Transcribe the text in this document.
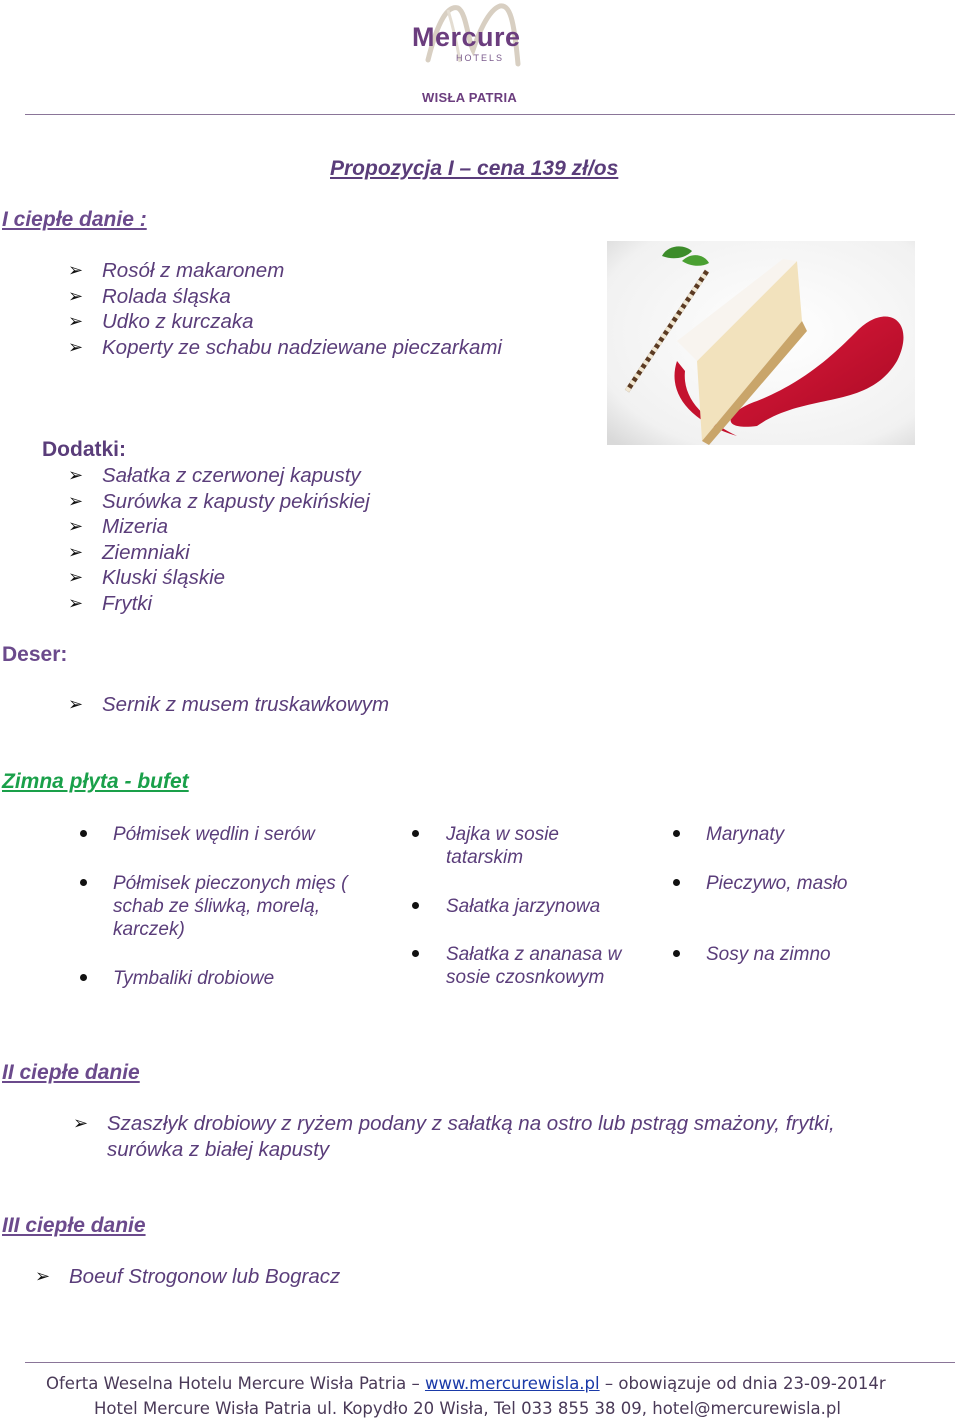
Mercure
HOTELS
WISŁA PATRIA
Propozycja I – cena 139 zł/os
I ciepłe danie :
➢ Rosół z makaronem
➢ Rolada śląska
➢ Udko z kurczaka
➢ Koperty ze schabu nadziewane pieczarkami
Dodatki:
➢ Sałatka z czerwonej kapusty
➢ Surówka z kapusty pekińskiej
➢ Mizeria
➢ Ziemniaki
➢ Kluski śląskie
➢ Frytki
Deser:
➢ Sernik z musem truskawkowym
Zimna płyta - bufet
Półmisek wędlin i serów
Półmisek pieczonych mięs ( schab ze śliwką, morelą, karczek)
Tymbaliki drobiowe
Jajka w sosie tatarskim
Sałatka jarzynowa
Sałatka z ananasa w sosie czosnkowym
Marynaty
Pieczywo, masło
Sosy na zimno
II ciepłe danie
➢ Szaszłyk drobiowy z ryżem podany z sałatką na ostro lub pstrąg smażony, frytki, surówka z białej kapusty
III ciepłe danie
➢ Boeuf Strogonow lub Bogracz
Oferta Weselna Hotelu Mercure Wisła Patria – www.mercurewisla.pl – obowiązuje od dnia 23-09-2014r
Hotel Mercure Wisła Patria ul. Kopydło 20 Wisła, Tel 033 855 38 09, hotel@mercurewisla.pl
